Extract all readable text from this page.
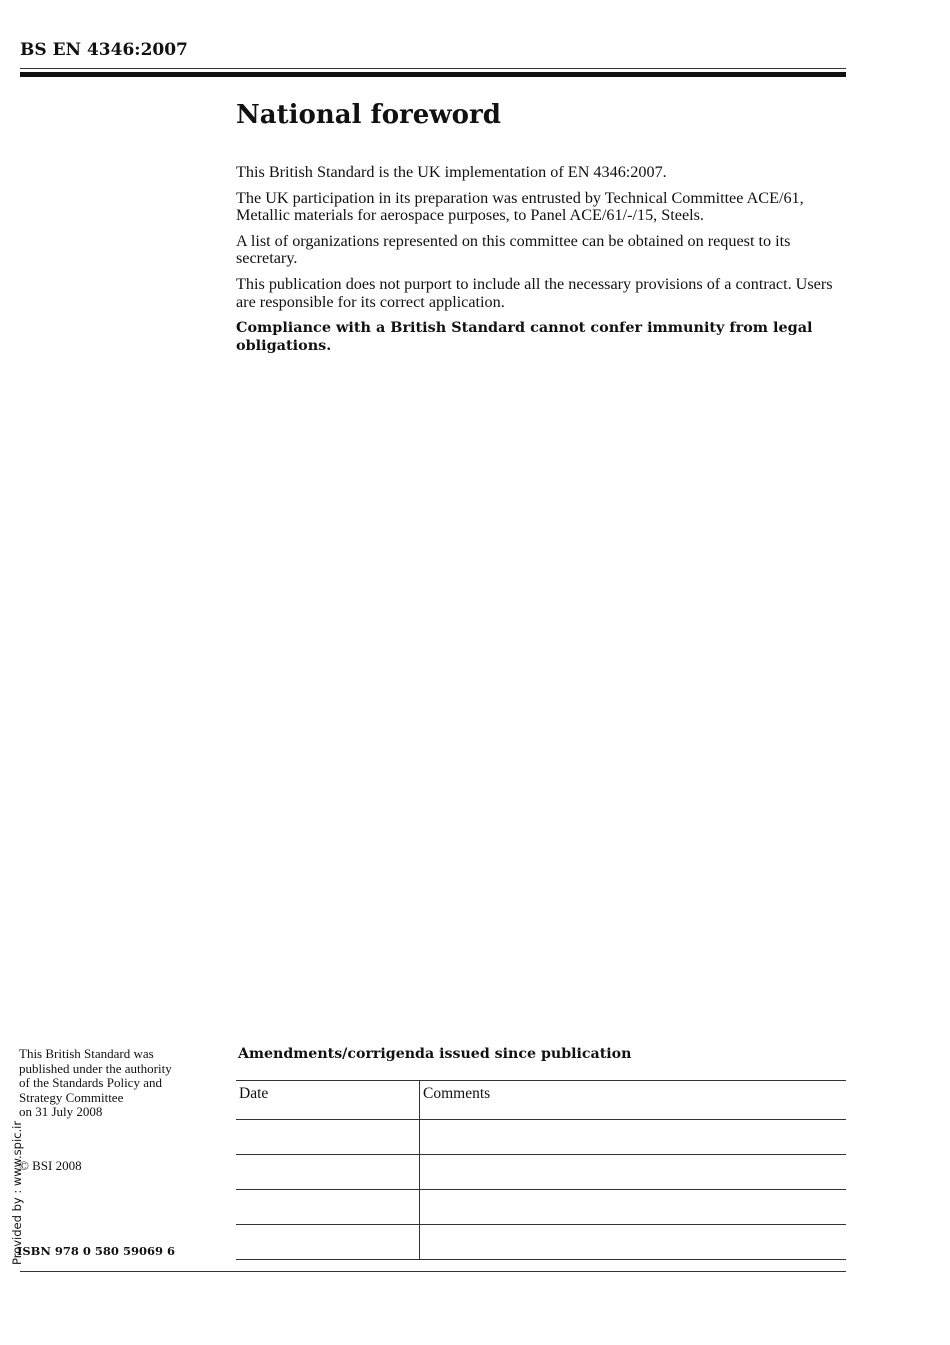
BS EN 4346:2007
National foreword

This British Standard is the UK implementation of EN 4346:2007.

The UK participation in its preparation was entrusted by Technical Committee ACE/61, Metallic materials for aerospace purposes, to Panel ACE/61/-/15, Steels.

A list of organizations represented on this committee can be obtained on request to its secretary.

This publication does not purport to include all the necessary provisions of a contract. Users are responsible for its correct application.

Compliance with a British Standard cannot confer immunity from legal obligations.

This British Standard was
published under the authority
of the Standards Policy and
Strategy Committee
on 31 July 2008
© BSI 2008
ISBN 978 0 580 59069 6
Provided by : www.spic.ir
Amendments/corrigenda issued since publication
Date	Comments
